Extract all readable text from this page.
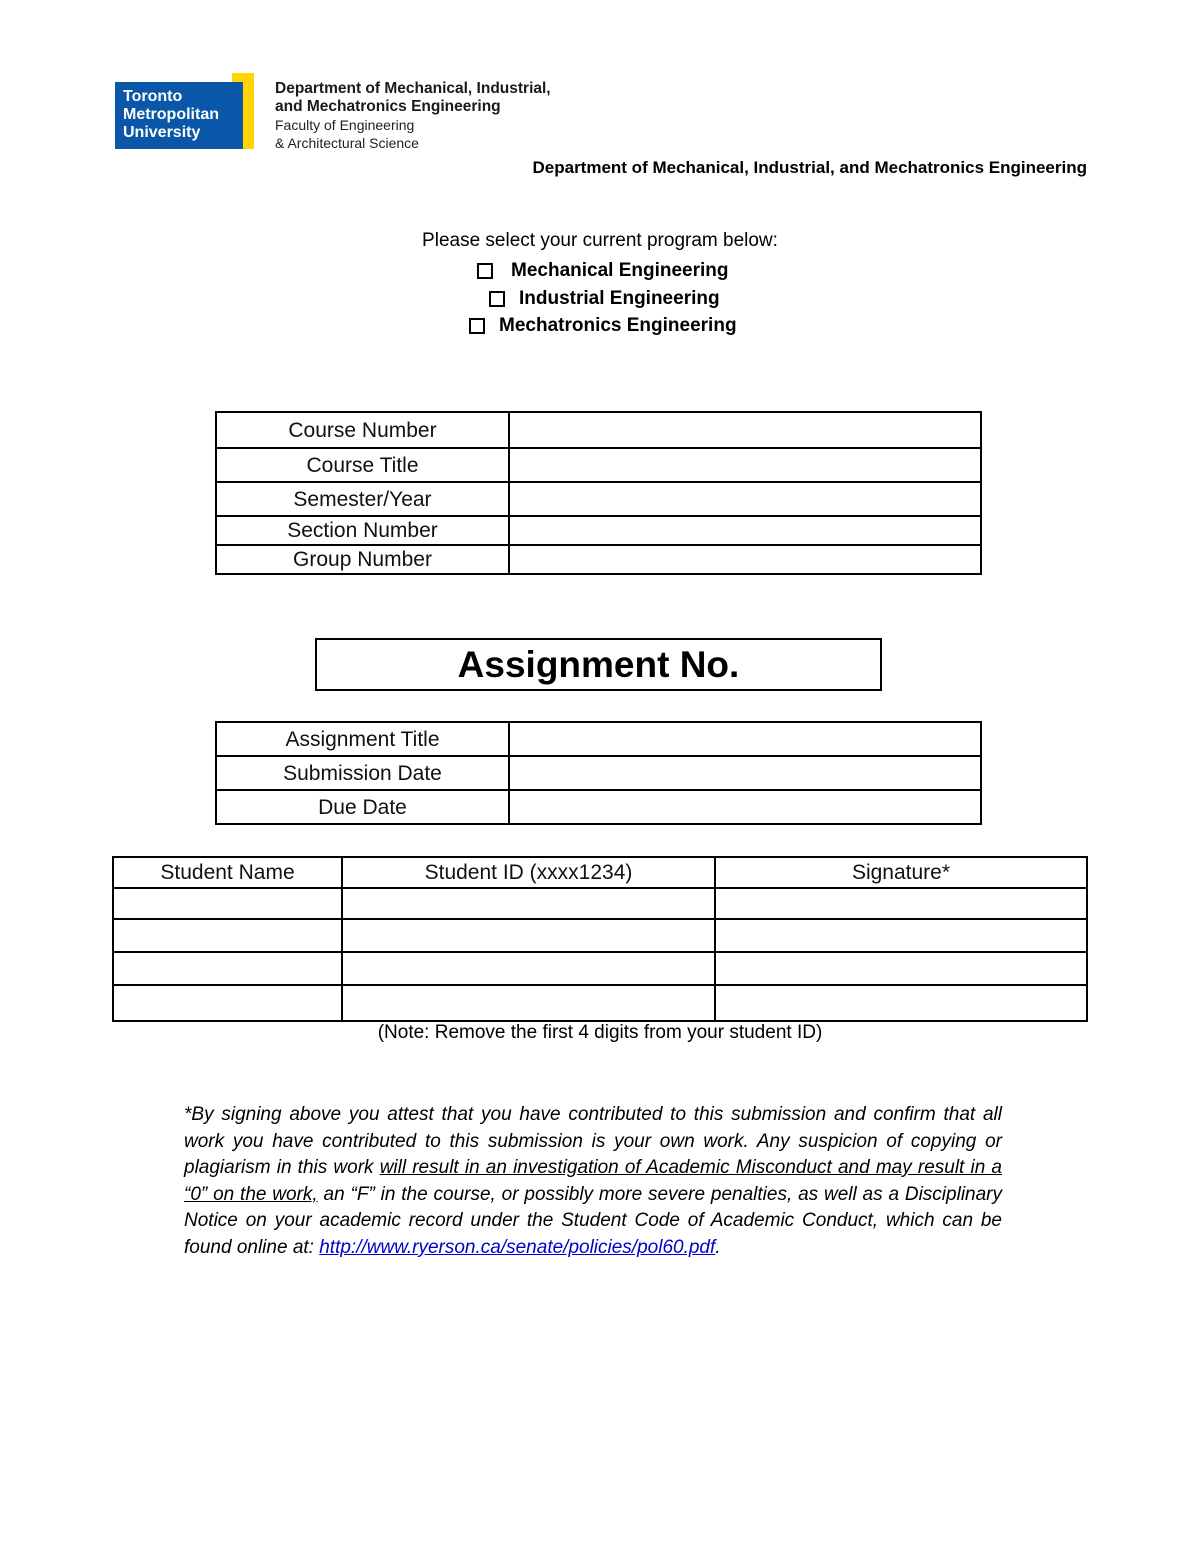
Toronto
Metropolitan
University
Department of Mechanical, Industrial,
and Mechatronics Engineering
Faculty of Engineering
& Architectural Science
Department of Mechanical, Industrial, and Mechatronics Engineering
Please select your current program below:
Mechanical Engineering
Industrial Engineering
Mechatronics Engineering
Course Number	
Course Title	
Semester/Year	
Section Number	
Group Number	
Assignment No.
Assignment Title	
Submission Date	
Due Date	
Student Name	Student ID (xxxx1234)	Signature*

(Note: Remove the first 4 digits from your student ID)
*By signing above you attest that you have contributed to this submission and confirm that all work you have contributed to this submission is your own work. Any suspicion of copying or plagiarism in this work will result in an investigation of Academic Misconduct and may result in a “0” on the work, an “F” in the course, or possibly more severe penalties, as well as a Disciplinary Notice on your academic record under the Student Code of Academic Conduct, which can be found online at: http://www.ryerson.ca/senate/policies/pol60.pdf.
